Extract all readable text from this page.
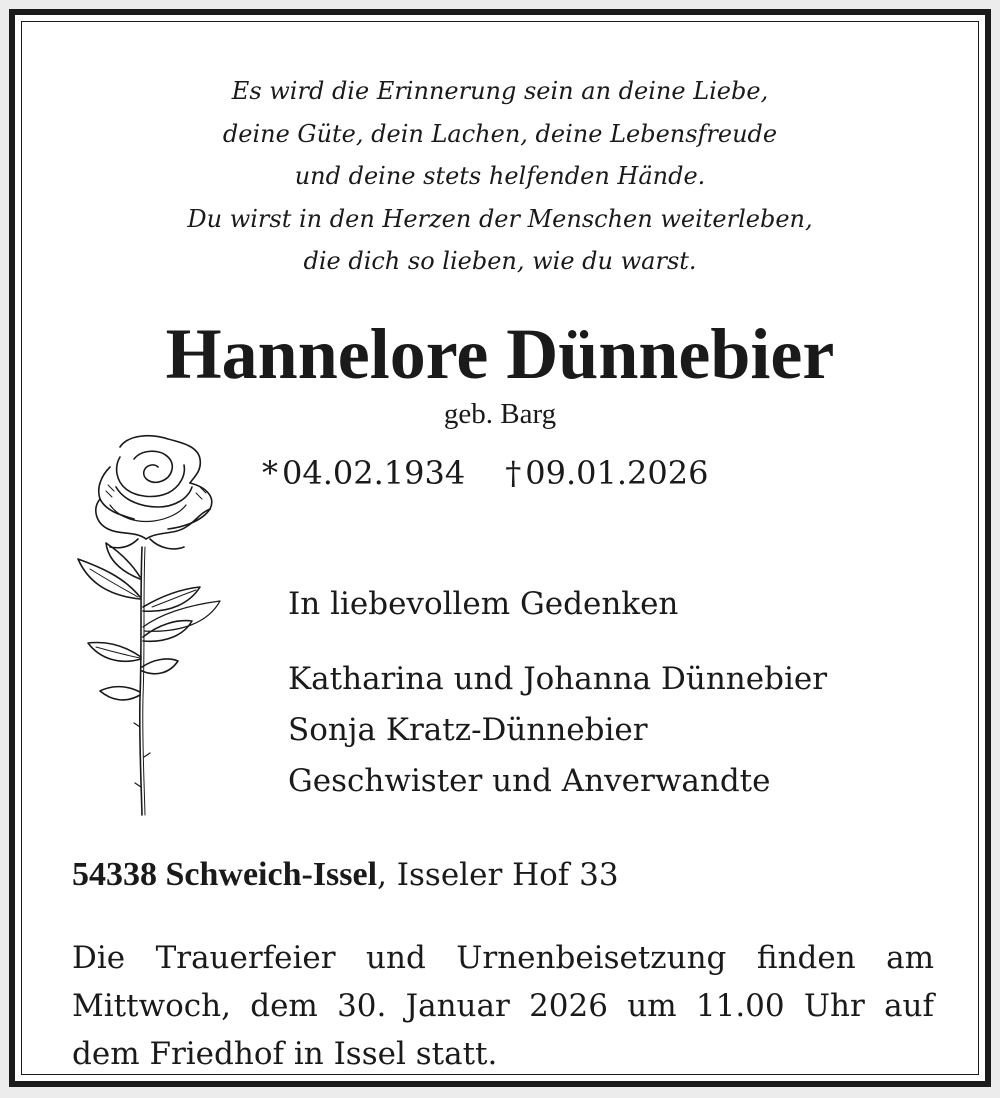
Es wird die Erinnerung sein an deine Liebe,
deine Güte, dein Lachen, deine Lebensfreude
und deine stets helfenden Hände.
Du wirst in den Herzen der Menschen weiterleben,
die dich so lieben, wie du warst.
Hannelore Dünnebier
geb. Barg
* 04.02.1934 † 09.01.2026
In liebevollem Gedenken
Katharina und Johanna Dünnebier
Sonja Kratz-Dünnebier
Geschwister und Anverwandte
54338 Schweich-Issel, Isseler Hof 33
Die Trauerfeier und Urnenbeisetzung finden am Mittwoch, dem 30. Januar 2026 um 11.00 Uhr auf dem Friedhof in Issel statt.
